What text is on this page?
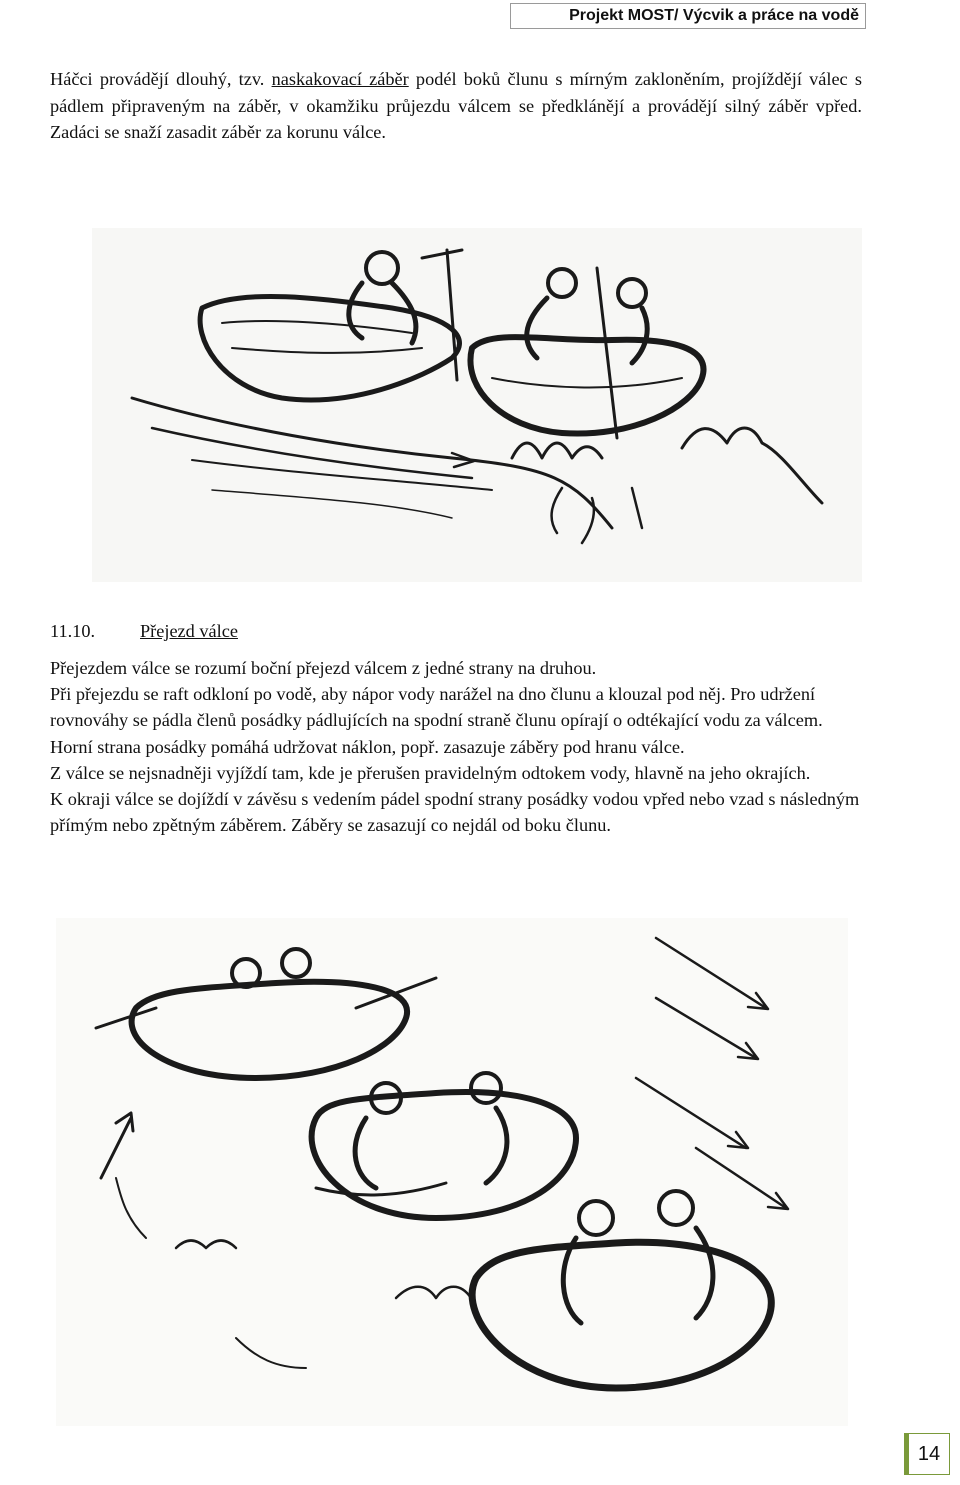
Projekt MOST/ Výcvik a práce na vodě

Háčci provádějí dlouhý, tzv. naskakovací záběr podél boků člunu s mírným zakloněním, projíždějí válec s pádlem připraveným na záběr, v okamžiku průjezdu válcem se předklánějí a provádějí silný záběr vpřed. Zadáci se snaží zasadit záběr za korunu válce.

11.10. Přejezd válce

Přejezdem válce se rozumí boční přejezd válcem z jedné strany na druhou.
Při přejezdu se raft odkloní po vodě, aby nápor vody narážel na dno člunu a klouzal pod něj. Pro udržení rovnováhy se pádla členů posádky pádlujících na spodní straně člunu opírají o odtékající vodu za válcem.
Horní strana posádky pomáhá udržovat náklon, popř. zasazuje záběry pod hranu válce.
Z válce se nejsnadněji vyjíždí tam, kde je přerušen pravidelným odtokem vody, hlavně na jeho okrajích.
K okraji válce se dojíždí v závěsu s vedením pádel spodní strany posádky vodou vpřed nebo vzad s následným přímým nebo zpětným záběrem. Záběry se zasazují co nejdál od boku člunu.

14
